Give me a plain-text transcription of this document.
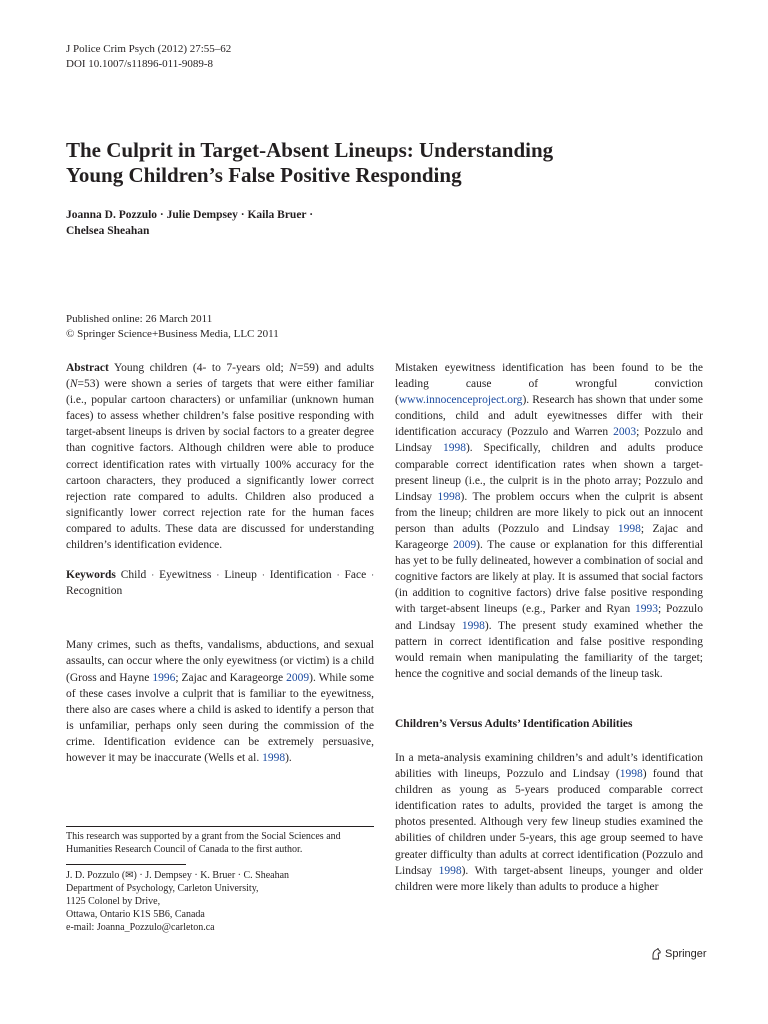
J Police Crim Psych (2012) 27:55–62
DOI 10.1007/s11896-011-9089-8
The Culprit in Target-Absent Lineups: Understanding
Young Children’s False Positive Responding
Joanna D. Pozzulo · Julie Dempsey · Kaila Bruer ·
Chelsea Sheahan
Published online: 26 March 2011
© Springer Science+Business Media, LLC 2011

Abstract Young children (4- to 7-years old; N=59) and adults (N=53) were shown a series of targets that were either familiar (i.e., popular cartoon characters) or unfamiliar (unknown human faces) to assess whether children’s false positive responding with target-absent lineups is driven by social factors to a greater degree than cognitive factors. Although children were able to produce correct identification rates with virtually 100% accuracy for the cartoon characters, they produced a significantly lower correct rejection rate compared to adults. Children also produced a significantly lower correct rejection rate for the human faces compared to adults. These data are discussed for understanding children’s identification evidence.

Keywords Child · Eyewitness · Lineup · Identification · Face · Recognition

Many crimes, such as thefts, vandalisms, abductions, and sexual assaults, can occur where the only eyewitness (or victim) is a child (Gross and Hayne 1996; Zajac and Karageorge 2009). While some of these cases involve a culprit that is familiar to the eyewitness, there also are cases where a child is asked to identify a person that is unfamiliar, perhaps only seen during the commission of the crime. Identification evidence can be extremely persuasive, however it may be inaccurate (Wells et al. 1998).

This research was supported by a grant from the Social Sciences and Humanities Research Council of Canada to the first author.

J. D. Pozzulo (✉) · J. Dempsey · K. Bruer · C. Sheahan

Department of Psychology, Carleton University,

1125 Colonel by Drive,

Ottawa, Ontario K1S 5B6, Canada

e-mail: Joanna_Pozzulo@carleton.ca

Mistaken eyewitness identification has been found to be the leading cause of wrongful conviction (www.innocenceproject.org). Research has shown that under some conditions, child and adult eyewitnesses differ with their identification accuracy (Pozzulo and Warren 2003; Pozzulo and Lindsay 1998). Specifically, children and adults produce comparable correct identification rates when shown a target-present lineup (i.e., the culprit is in the photo array; Pozzulo and Lindsay 1998). The problem occurs when the culprit is absent from the lineup; children are more likely to pick out an innocent person than adults (Pozzulo and Lindsay 1998; Zajac and Karageorge 2009). The cause or explanation for this differential has yet to be fully delineated, however a combination of social and cognitive factors are likely at play. It is assumed that social factors (in addition to cognitive factors) drive false positive responding with target-absent lineups (e.g., Parker and Ryan 1993; Pozzulo and Lindsay 1998). The present study examined whether the pattern in correct identification and false positive responding would remain when manipulating the familiarity of the target; hence the cognitive and social demands of the lineup task.

Children’s Versus Adults’ Identification Abilities

In a meta-analysis examining children’s and adult’s identification abilities with lineups, Pozzulo and Lindsay (1998) found that children as young as 5-years produced comparable correct identification rates to adults, provided the target is among the photos presented. Although very few lineup studies examined the abilities of children under 5-years, this age group seemed to have greater difficulty than adults at correct identification (Pozzulo and Lindsay 1998). With target-absent lineups, younger and older children were more likely than adults to produce a higher

Springer
